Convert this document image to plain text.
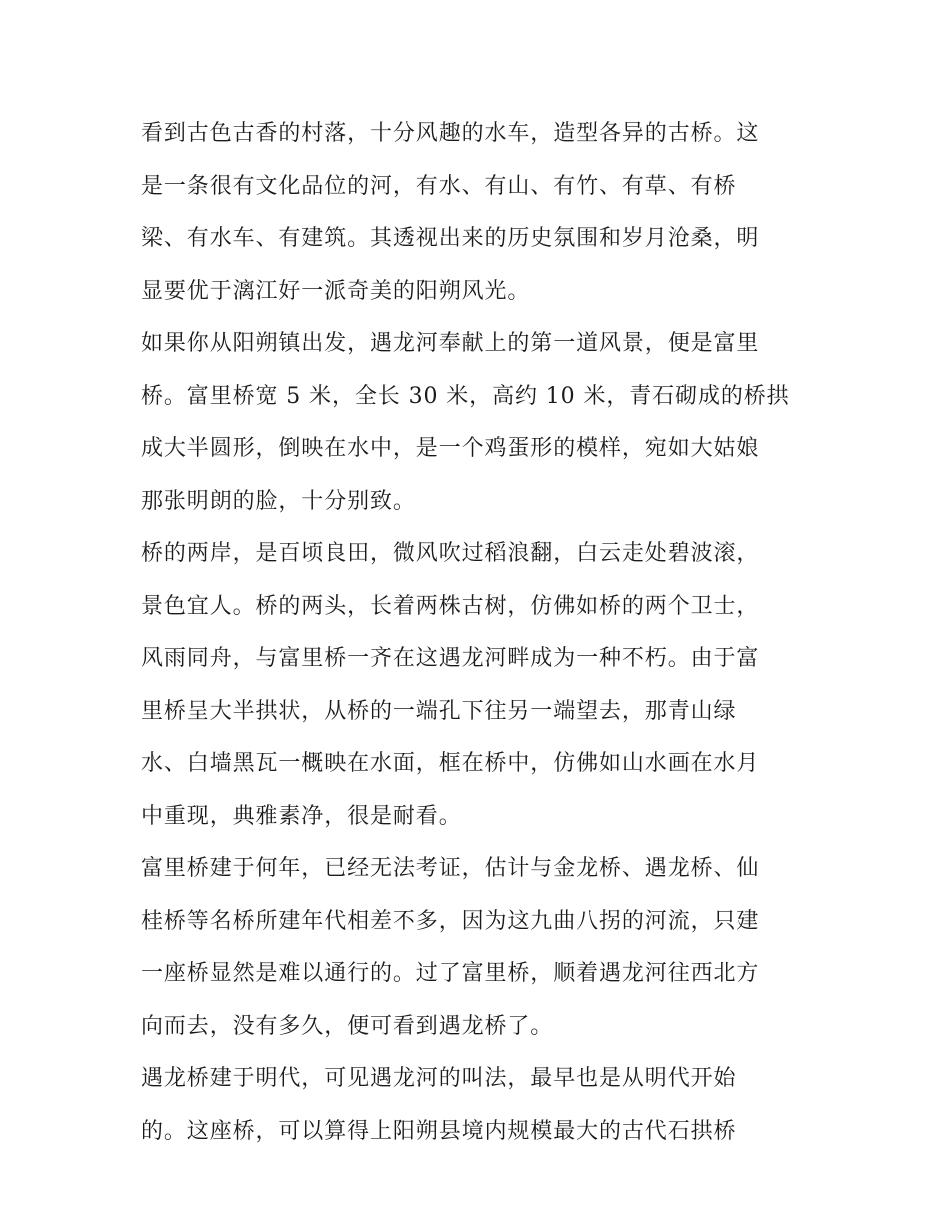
看到古色古香的村落，十分风趣的水车，造型各异的古桥。这
是一条很有文化品位的河，有水、有山、有竹、有草、有桥
梁、有水车、有建筑。其透视出来的历史氛围和岁月沧桑，明
显要优于漓江好一派奇美的阳朔风光。

如果你从阳朔镇出发，遇龙河奉献上的第一道风景，便是富里
桥。富里桥宽 5 米，全长 30 米，高约 10 米，青石砌成的桥拱
成大半圆形，倒映在水中，是一个鸡蛋形的模样，宛如大姑娘
那张明朗的脸，十分别致。

桥的两岸，是百顷良田，微风吹过稻浪翻，白云走处碧波滚，
景色宜人。桥的两头，长着两株古树，仿佛如桥的两个卫士，
风雨同舟，与富里桥一齐在这遇龙河畔成为一种不朽。由于富
里桥呈大半拱状，从桥的一端孔下往另一端望去，那青山绿
水、白墙黑瓦一概映在水面，框在桥中，仿佛如山水画在水月
中重现，典雅素净，很是耐看。

富里桥建于何年，已经无法考证，估计与金龙桥、遇龙桥、仙
桂桥等名桥所建年代相差不多，因为这九曲八拐的河流，只建
一座桥显然是难以通行的。过了富里桥，顺着遇龙河往西北方
向而去，没有多久，便可看到遇龙桥了。

遇龙桥建于明代，可见遇龙河的叫法，最早也是从明代开始
的。这座桥，可以算得上阳朔县境内规模最大的古代石拱桥
